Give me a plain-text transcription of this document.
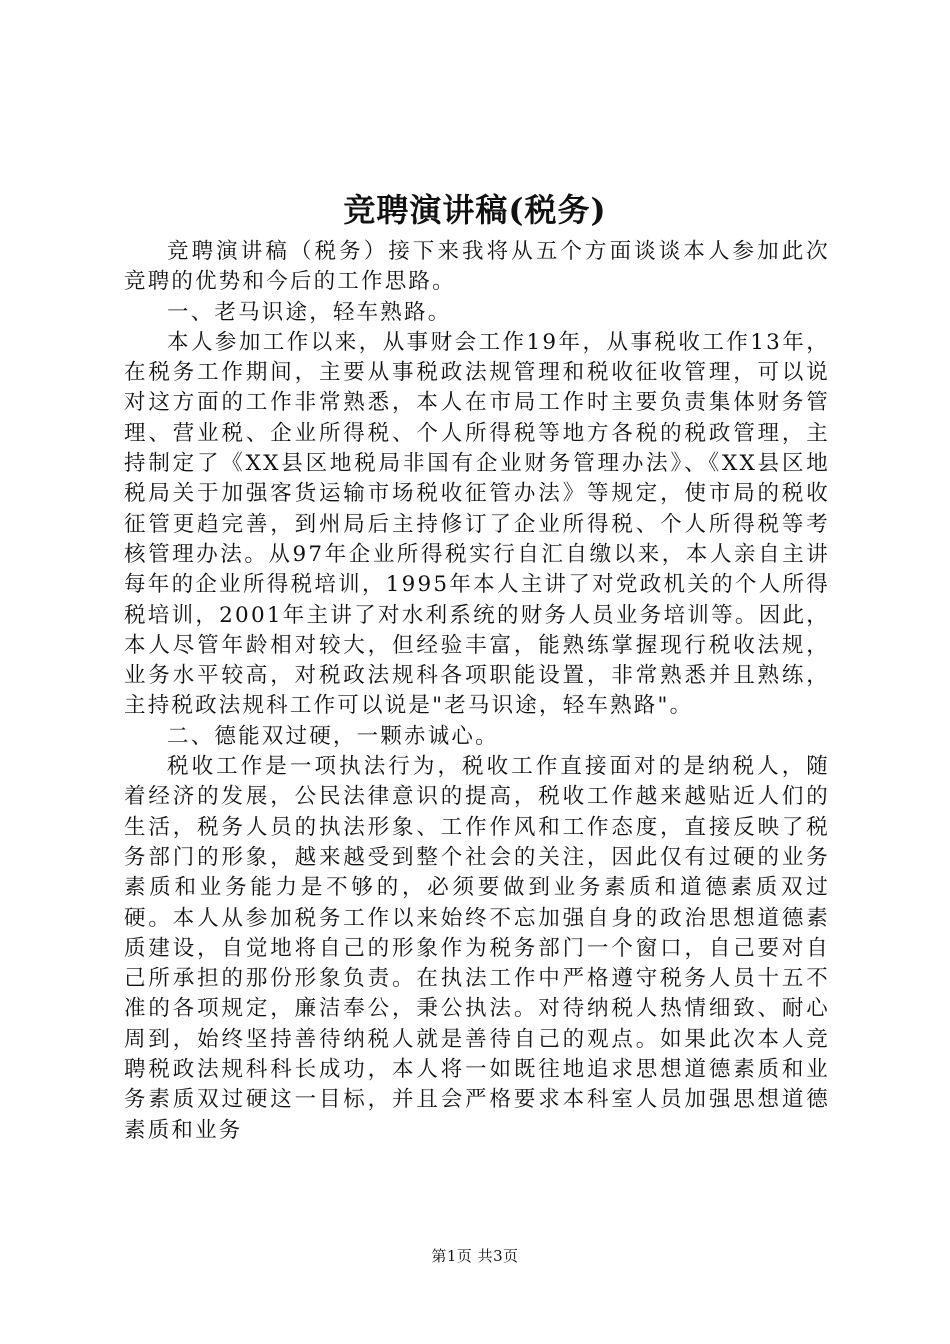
竞聘演讲稿(税务)

竞聘演讲稿（税务）接下来我将从五个方面谈谈本人参加此次竞聘的优势和今后的工作思路。

一、老马识途，轻车熟路。

本人参加工作以来，从事财会工作19年，从事税收工作13年，在税务工作期间，主要从事税政法规管理和税收征收管理，可以说对这方面的工作非常熟悉，本人在市局工作时主要负责集体财务管理、营业税、企业所得税、个人所得税等地方各税的税政管理，主持制定了《XX县区地税局非国有企业财务管理办法》、《XX县区地税局关于加强客货运输市场税收征管办法》等规定，使市局的税收征管更趋完善，到州局后主持修订了企业所得税、个人所得税等考核管理办法。从97年企业所得税实行自汇自缴以来，本人亲自主讲每年的企业所得税培训，1995年本人主讲了对党政机关的个人所得税培训，2001年主讲了对水利系统的财务人员业务培训等。因此，本人尽管年龄相对较大，但经验丰富，能熟练掌握现行税收法规，业务水平较高，对税政法规科各项职能设置，非常熟悉并且熟练，主持税政法规科工作可以说是"老马识途，轻车熟路"。

二、德能双过硬，一颗赤诚心。

税收工作是一项执法行为，税收工作直接面对的是纳税人，随着经济的发展，公民法律意识的提高，税收工作越来越贴近人们的生活，税务人员的执法形象、工作作风和工作态度，直接反映了税务部门的形象，越来越受到整个社会的关注，因此仅有过硬的业务素质和业务能力是不够的，必须要做到业务素质和道德素质双过硬。本人从参加税务工作以来始终不忘加强自身的政治思想道德素质建设，自觉地将自己的形象作为税务部门一个窗口，自己要对自己所承担的那份形象负责。在执法工作中严格遵守税务人员十五不准的各项规定，廉洁奉公，秉公执法。对待纳税人热情细致、耐心周到，始终坚持善待纳税人就是善待自己的观点。如果此次本人竞聘税政法规科科长成功，本人将一如既往地追求思想道德素质和业务素质双过硬这一目标，并且会严格要求本科室人员加强思想道德素质和业务

第1页 共3页
